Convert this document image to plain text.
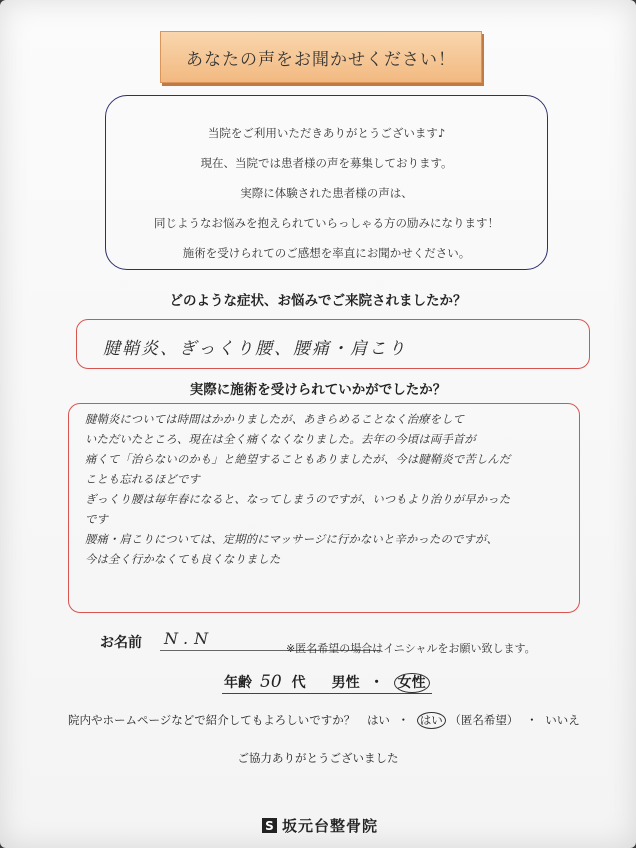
あなたの声をお聞かせください！

当院をご利用いただきありがとうございます♪

現在、当院では患者様の声を募集しております。

実際に体験された患者様の声は、

同じようなお悩みを抱えられていらっしゃる方の励みになります！

施術を受けられてのご感想を率直にお聞かせください。

どのような症状、お悩みでご来院されましたか？
腱鞘炎、ぎっくり腰、腰痛・肩こり
実際に施術を受けられていかがでしたか？

腱鞘炎については時間はかかりましたが、あきらめることなく治療をして

いただいたところ、現在は全く痛くなくなりました。去年の今頃は両手首が

痛くて「治らないのかも」と絶望することもありましたが、今は腱鞘炎で苦しんだ

ことも忘れるほどです

ぎっくり腰は毎年春になると、なってしまうのですが、いつもより治りが早かった

です

腰痛・肩こりについては、定期的にマッサージに行かないと辛かったのですが、

今は全く行かなくても良くなりました

お名前 N.N
※匿名希望の場合はイニシャルをお願い致します。
年齢 50 代 男性 ・ 女性
院内やホームページなどで紹介してもよろしいですか？ はい ・ はい （匿名希望） ・ いいえ
ご協力ありがとうございました
S 坂元台整骨院
